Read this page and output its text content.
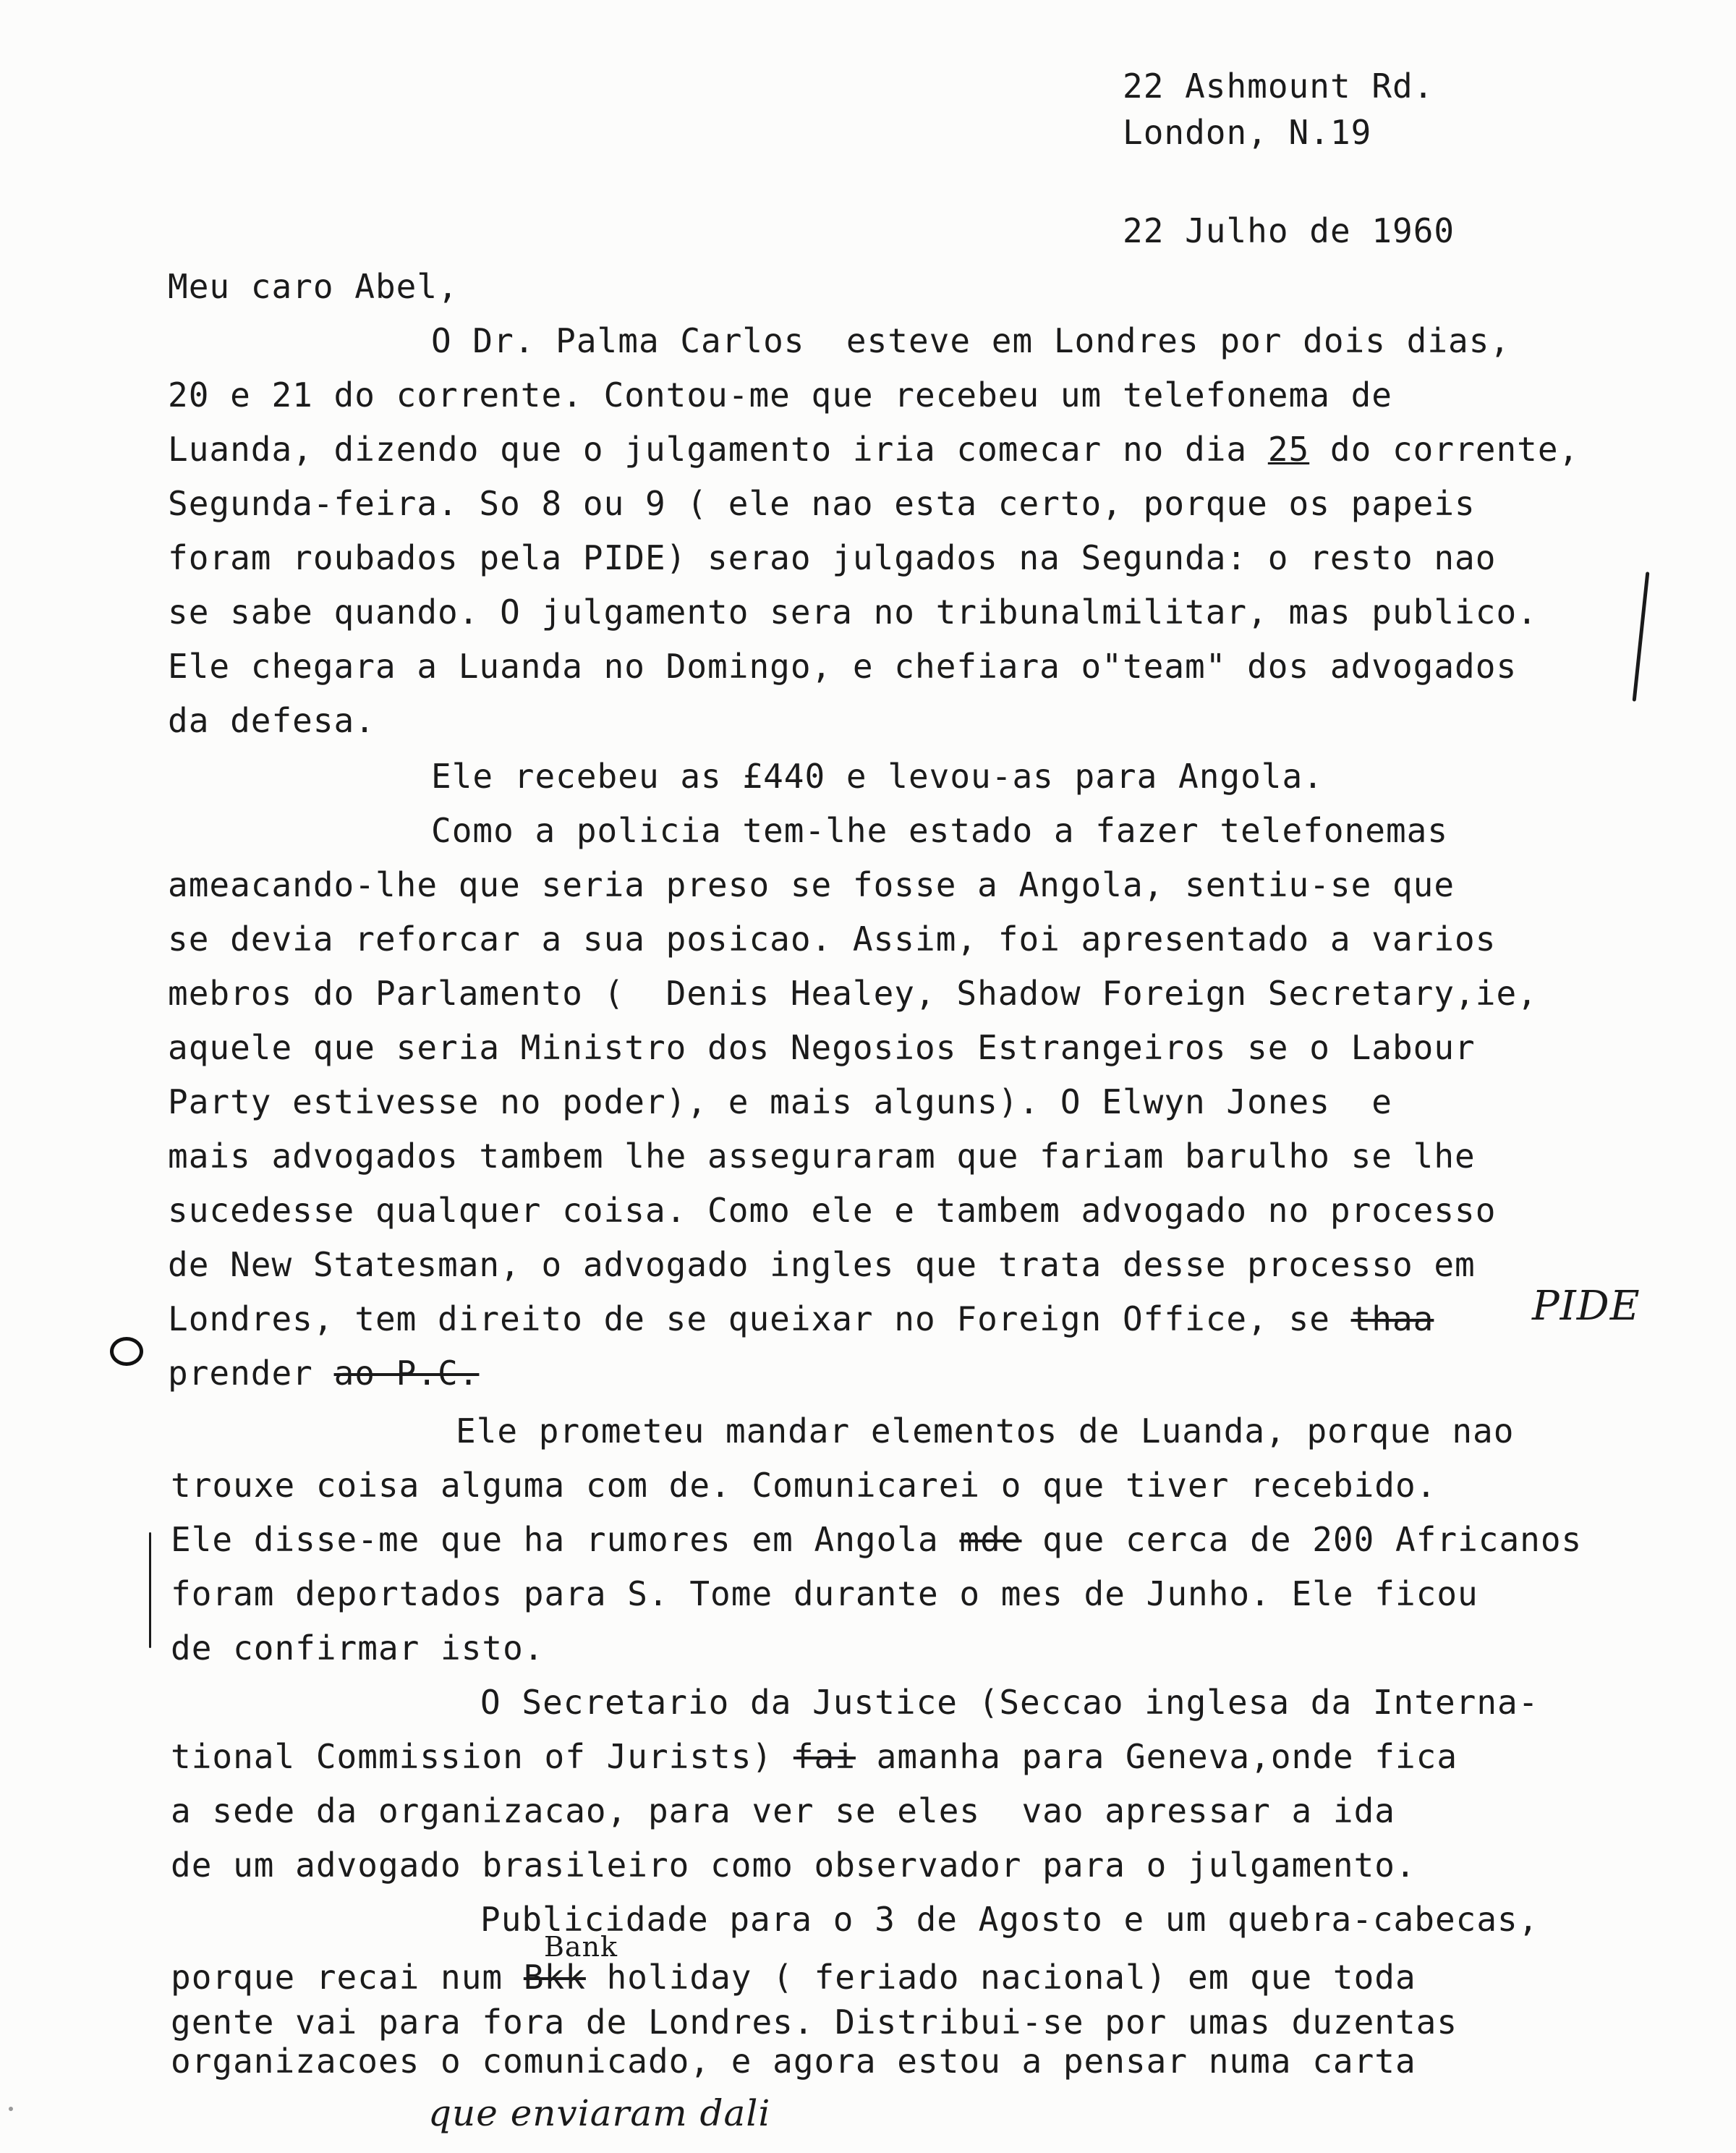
22 Ashmount Rd.
London, N.19
22 Julho de 1960
Meu caro Abel,
O Dr. Palma Carlos  esteve em Londres por dois dias,
20 e 21 do corrente. Contou-me que recebeu um telefonema de
Luanda, dizendo que o julgamento iria comecar no dia 25 do corrente,
Segunda-feira. So 8 ou 9 ( ele nao esta certo, porque os papeis
foram roubados pela PIDE) serao julgados na Segunda: o resto nao
se sabe quando. O julgamento sera no tribunalmilitar, mas publico.
Ele chegara a Luanda no Domingo, e chefiara o"team" dos advogados
da defesa.
Ele recebeu as £440 e levou-as para Angola.
Como a policia tem-lhe estado a fazer telefonemas
ameacando-lhe que seria preso se fosse a Angola, sentiu-se que
se devia reforcar a sua posicao. Assim, foi apresentado a varios
mebros do Parlamento (  Denis Healey, Shadow Foreign Secretary,ie,
aquele que seria Ministro dos Negosios Estrangeiros se o Labour
Party estivesse no poder), e mais alguns). O Elwyn Jones  e
mais advogados tambem lhe asseguraram que fariam barulho se lhe
sucedesse qualquer coisa. Como ele e tambem advogado no processo
de New Statesman, o advogado ingles que trata desse processo em
Londres, tem direito de se queixar no Foreign Office, se thaa PIDE
prender ao P.C.
Ele prometeu mandar elementos de Luanda, porque nao
trouxe coisa alguma com de. Comunicarei o que tiver recebido.
Ele disse-me que ha rumores em Angola mde que cerca de 200 Africanos
foram deportados para S. Tome durante o mes de Junho. Ele ficou
de confirmar isto.
O Secretario da Justice (Seccao inglesa da Interna-
tional Commission of Jurists) fai amanha para Geneva,onde fica
a sede da organizacao, para ver se eles  vao apressar a ida
de um advogado brasileiro como observador para o julgamento.
Publicidade para o 3 de Agosto e um quebra-cabecas,
Bank
porque recai num Bkk holiday ( feriado nacional) em que toda
gente vai para fora de Londres. Distribui-se por umas duzentas
organizacoes o comunicado, e agora estou a pensar numa carta
que enviaram dali
